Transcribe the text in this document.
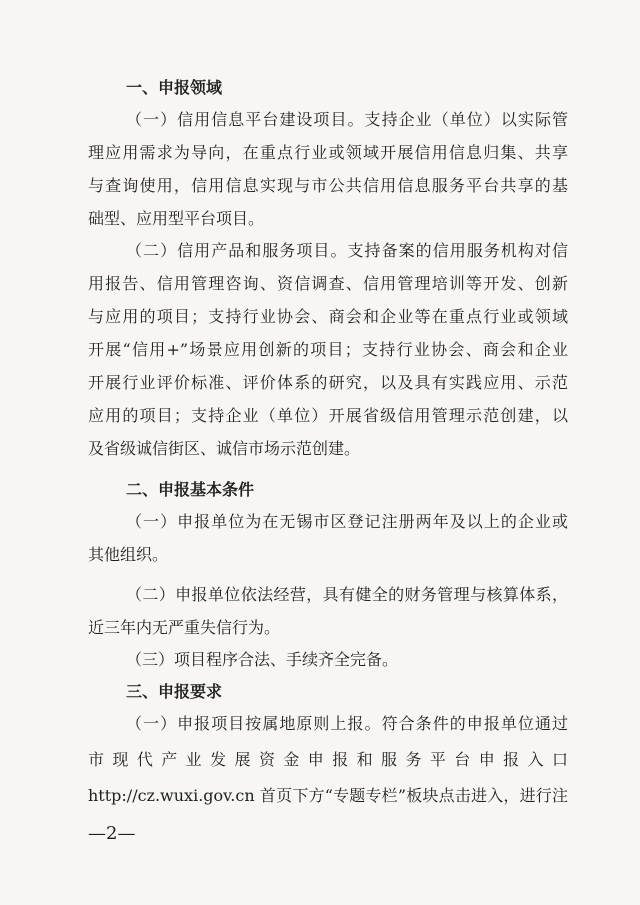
一、申报领域
（一）信用信息平台建设项目。支持企业（单位）以实际管
理应用需求为导向，在重点行业或领域开展信用信息归集、共享
与查询使用，信用信息实现与市公共信用信息服务平台共享的基
础型、应用型平台项目。
（二）信用产品和服务项目。支持备案的信用服务机构对信
用报告、信用管理咨询、资信调查、信用管理培训等开发、创新
与应用的项目；支持行业协会、商会和企业等在重点行业或领域
开展“信用+”场景应用创新的项目；支持行业协会、商会和企业
开展行业评价标准、评价体系的研究，以及具有实践应用、示范
应用的项目；支持企业（单位）开展省级信用管理示范创建，以
及省级诚信街区、诚信市场示范创建。
二、申报基本条件
（一）申报单位为在无锡市区登记注册两年及以上的企业或
其他组织。
（二）申报单位依法经营，具有健全的财务管理与核算体系，
近三年内无严重失信行为。
（三）项目程序合法、手续齐全完备。
三、申报要求
（一）申报项目按属地原则上报。符合条件的申报单位通过
市现代产业发展资金申报和服务平台申报入口
http://cz.wuxi.gov.cn 首页下方“专题专栏”板块点击进入，进行注
—2—
